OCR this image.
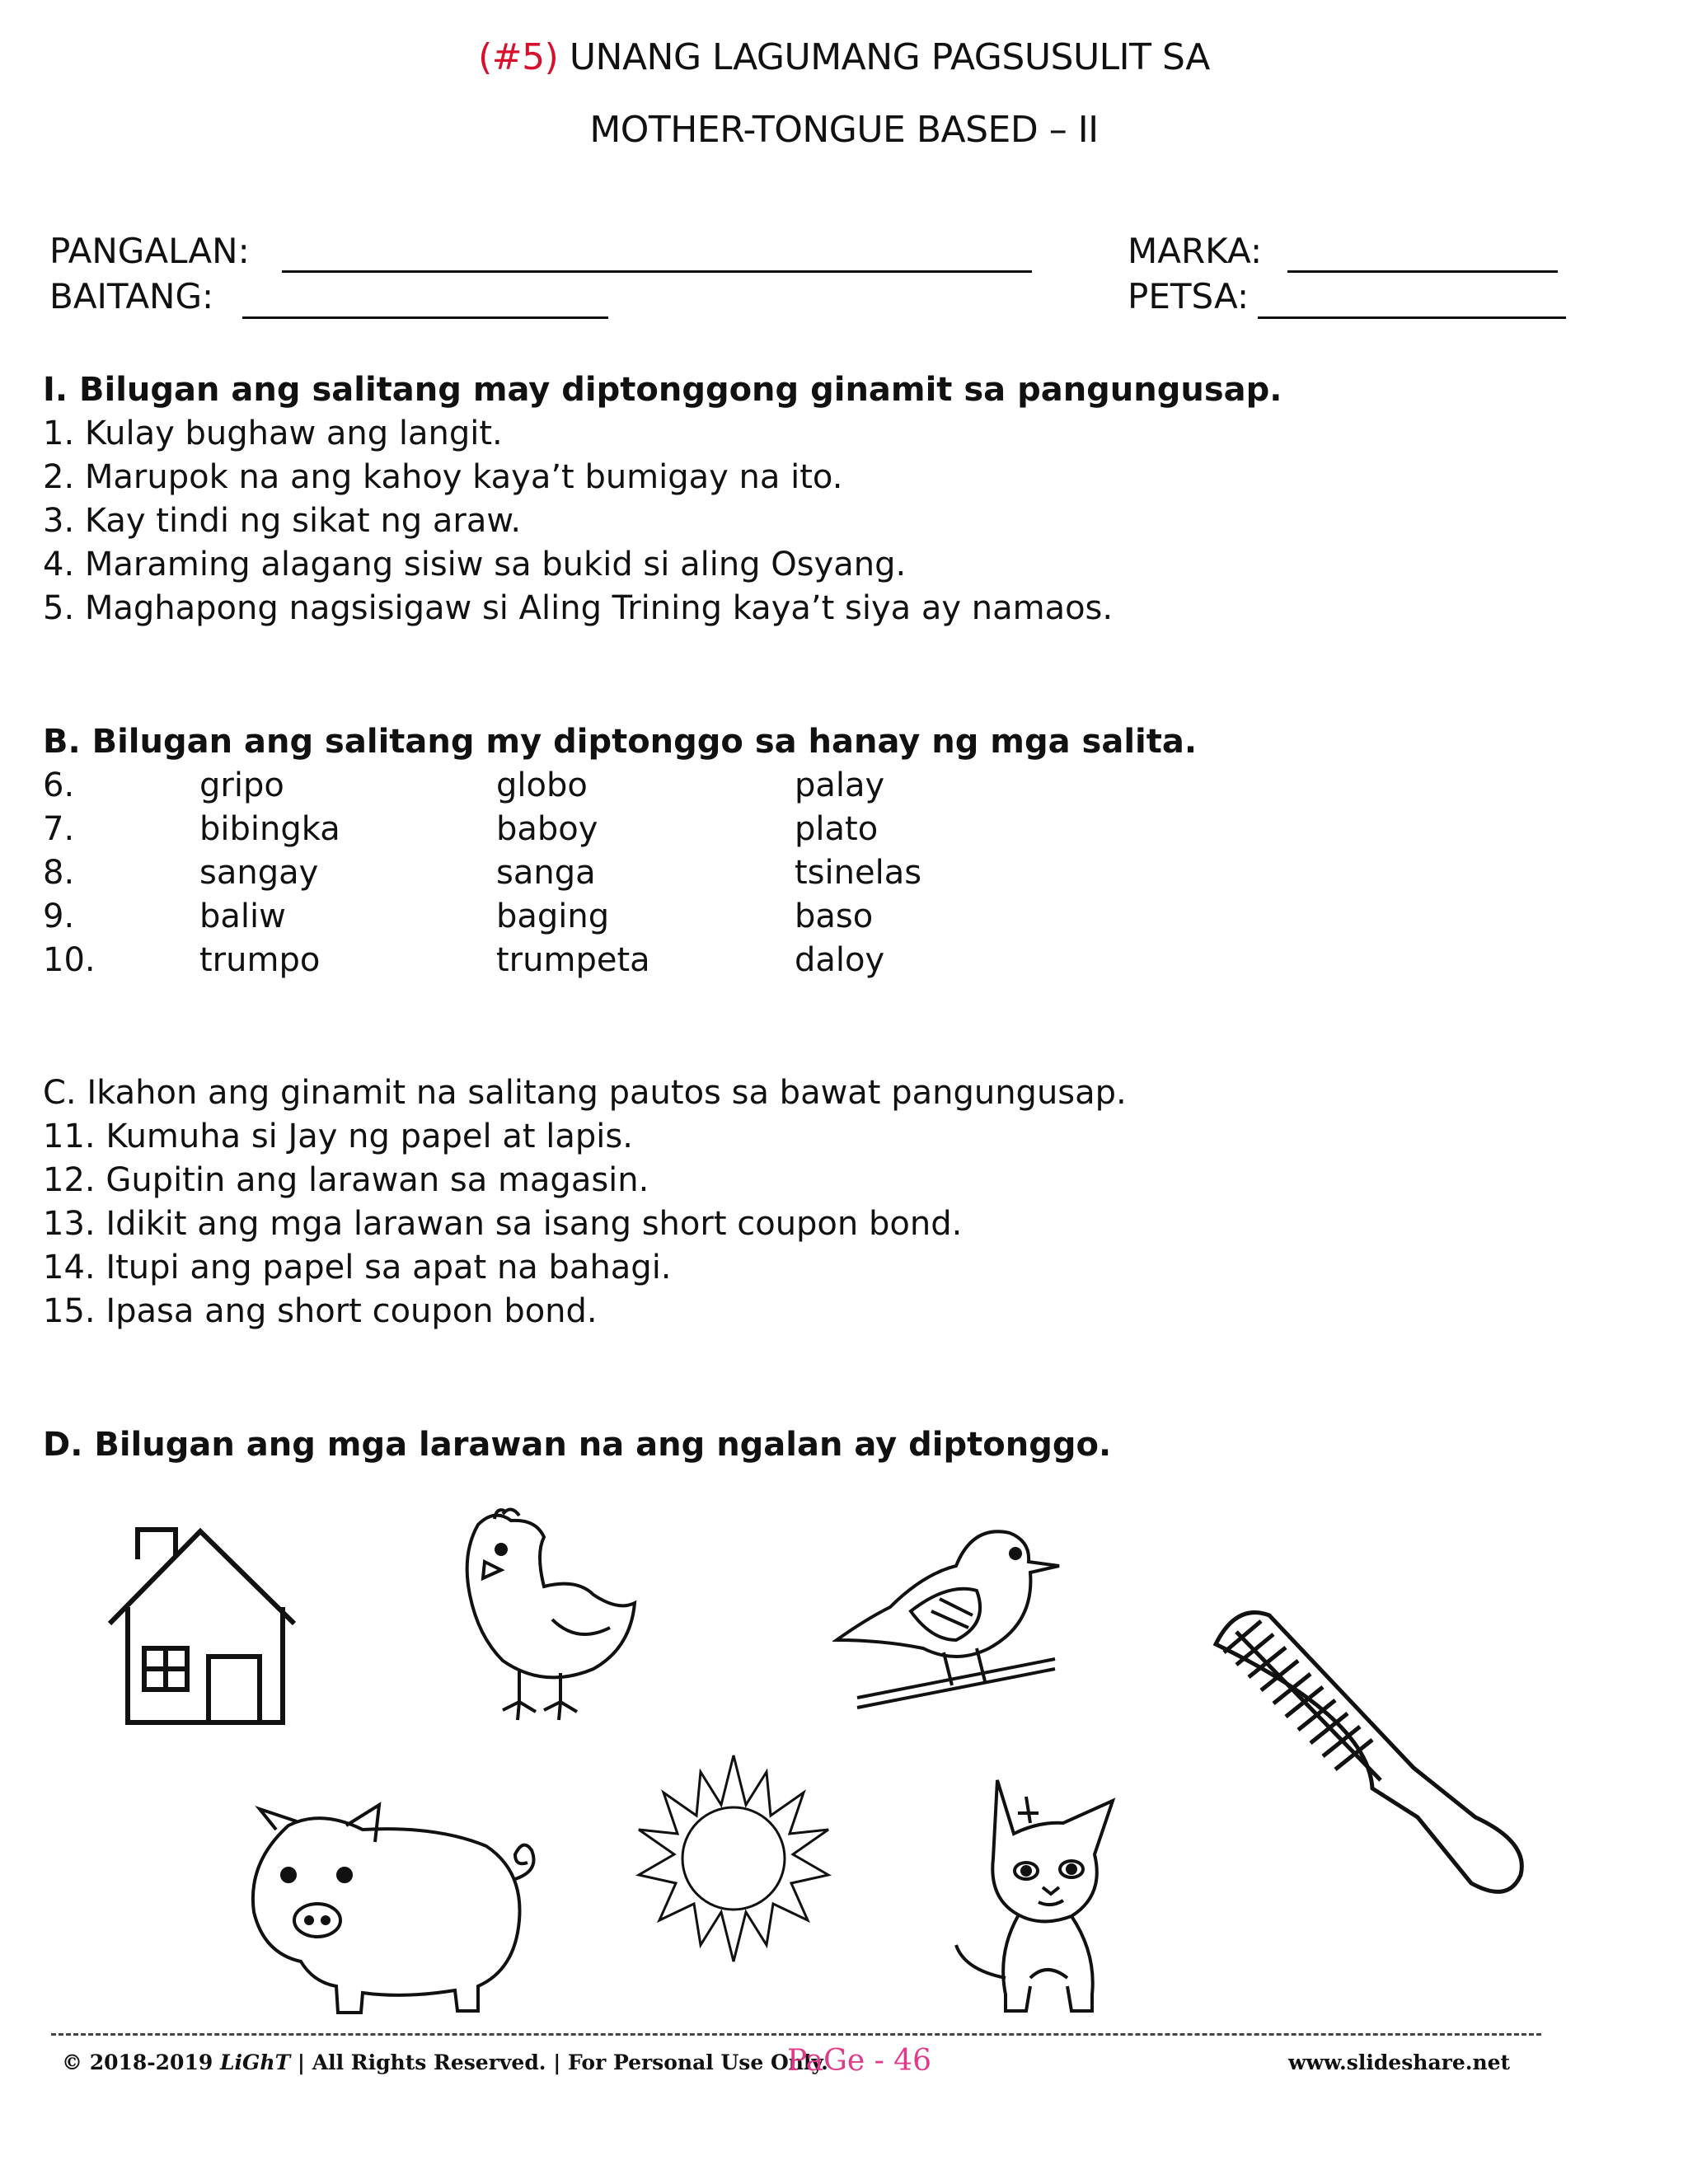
(#5) UNANG LAGUMANG PAGSUSULIT SA
MOTHER-TONGUE BASED – II
PANGALAN:
BAITANG:
MARKA:
PETSA:
I. Bilugan ang salitang may diptonggong ginamit sa pangungusap.
1. Kulay bughaw ang langit.
2. Marupok na ang kahoy kaya’t bumigay na ito.
3. Kay tindi ng sikat ng araw.
4. Maraming alagang sisiw sa bukid si aling Osyang.
5. Maghapong nagsisigaw si Aling Trining kaya’t siya ay namaos.
B. Bilugan ang salitang my diptonggo sa hanay ng mga salita.
6.	gripo	globo	palay
7.	bibingka	baboy	plato
8.	sangay	sanga	tsinelas
9.	baliw	baging	baso
10.	trumpo	trumpeta	daloy
C. Ikahon ang ginamit na salitang pautos sa bawat pangungusap.
11. Kumuha si Jay ng papel at lapis.
12. Gupitin ang larawan sa magasin.
13. Idikit ang mga larawan sa isang short coupon bond.
14. Itupi ang papel sa apat na bahagi.
15. Ipasa ang short coupon bond.
D. Bilugan ang mga larawan na ang ngalan ay diptonggo.
© 2018-2019 LiGhT | All Rights Reserved. | For Personal Use Only.
PaGe - 46	www.slideshare.net
